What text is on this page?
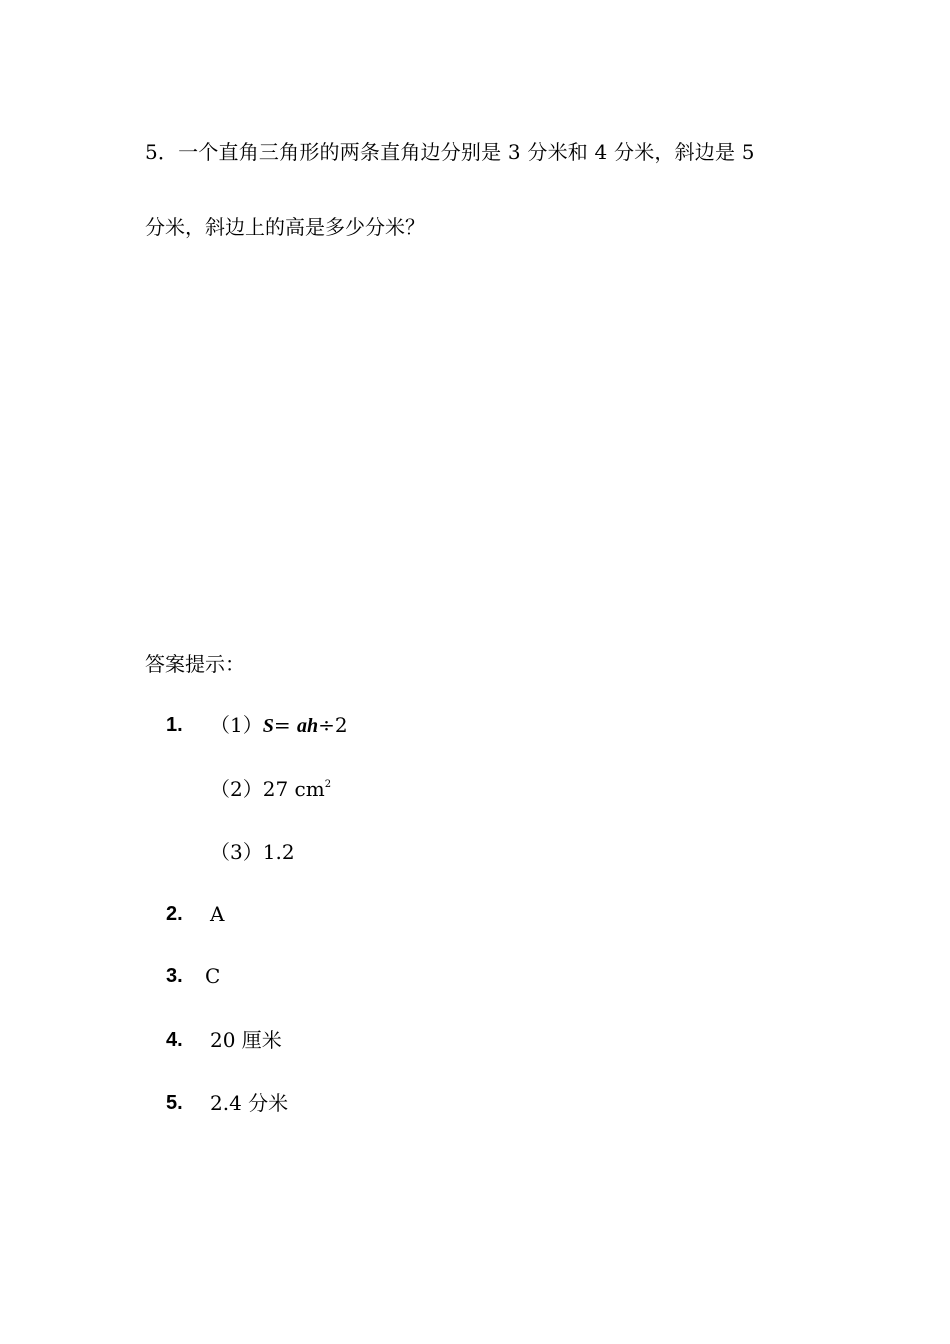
5．一个直角三角形的两条直角边分别是 3 分米和 4 分米，斜边是 5
分米，斜边上的高是多少分米？
答案提示：
1. （1）S= ah÷2
（2）27 $cm^2$
（3）1.2
2. A
3. C
4. 20 厘米
5. 2.4 分米
